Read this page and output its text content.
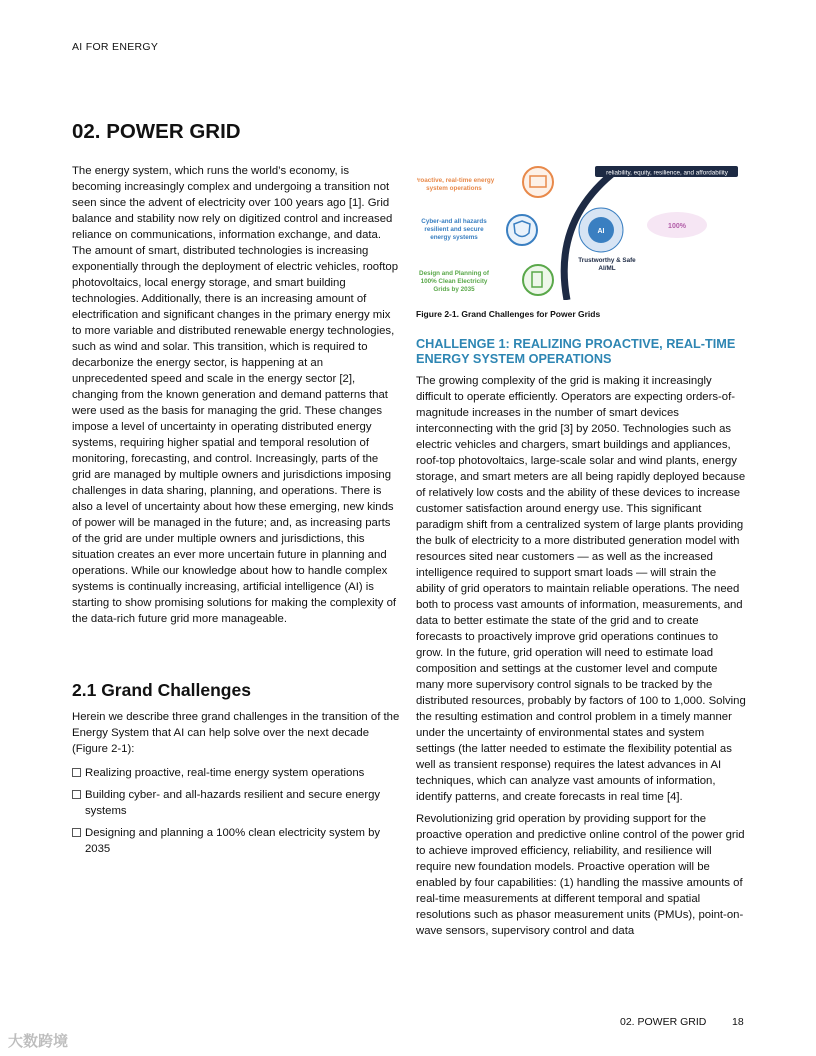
AI FOR ENERGY
02. POWER GRID

The energy system, which runs the world’s economy, is becoming increasingly complex and undergoing a transition not seen since the advent of electricity over 100 years ago [1]. Grid balance and stability now rely on digitized control and increased reliance on communications, information exchange, and data. The amount of smart, distributed technologies is increasing exponentially through the deployment of electric vehicles, rooftop photovoltaics, local energy storage, and smart building technologies. Additionally, there is an increasing amount of electrification and significant changes in the primary energy mix to more variable and distributed renewable energy technologies, such as wind and solar. This transition, which is required to decarbonize the energy sector, is happening at an unprecedented speed and scale in the energy sector [2], changing from the known generation and demand patterns that were used as the basis for managing the grid. These changes impose a level of uncertainty in operating distributed energy systems, requiring higher spatial and temporal resolution of monitoring, forecasting, and control. Increasingly, parts of the grid are managed by multiple owners and jurisdictions imposing challenges in data sharing, planning, and operations. There is also a level of uncertainty about how these emerging, new kinds of power will be managed in the future; and, as increasing parts of the grid are under multiple owners and jurisdictions, this situation creates an ever more uncertain future in planning and operations. While our knowledge about how to handle complex systems is continually increasing, artificial intelligence (AI) is starting to show promising solutions for making the complexity of the data-rich future grid more manageable.

2.1 Grand Challenges

Herein we describe three grand challenges in the transition of the Energy System that AI can help solve over the next decade (Figure 2-1):

Realizing proactive, real-time energy system operations
Building cyber- and all-hazards resilient and secure energy systems
Designing and planning a 100% clean electricity system by 2035
reliability, equity, resilience, and affordability
Proactive, real-time energy
system operations
Cyber-and all hazards
resilient and secure
energy systems
Design and Planning of
100% Clean Electricity
Grids by 2035
AI
Trustworthy & Safe
AI/ML
100%

Figure 2-1. Grand Challenges for Power Grids

CHALLENGE 1: REALIZING PROACTIVE, REAL-TIME ENERGY SYSTEM OPERATIONS

The growing complexity of the grid is making it increasingly difficult to operate efficiently. Operators are expecting orders-of-magnitude increases in the number of smart devices interconnecting with the grid [3] by 2050. Technologies such as electric vehicles and chargers, smart buildings and appliances, roof-top photovoltaics, large-scale solar and wind plants, energy storage, and smart meters are all being rapidly deployed because of relatively low costs and the ability of these devices to increase customer satisfaction around energy use. This significant paradigm shift from a centralized system of large plants providing the bulk of electricity to a more distributed generation model with resources sited near customers — as well as the increased intelligence required to support smart loads — will strain the ability of grid operators to maintain reliable operations. The need both to process vast amounts of information, measurements, and data to better estimate the state of the grid and to create forecasts to proactively improve grid operations continues to grow. In the future, grid operation will need to estimate load composition and settings at the customer level and compute many more supervisory control signals to be tracked by the distributed resources, probably by factors of 100 to 1,000. Solving the resulting estimation and control problem in a timely manner under the uncertainty of environmental states and system settings (the latter needed to estimate the flexibility potential as well as transient response) requires the latest advances in AI techniques, which can analyze vast amounts of information, identify patterns, and create forecasts in real time [4].

Revolutionizing grid operation by providing support for the proactive operation and predictive online control of the power grid to achieve improved efficiency, reliability, and resilience will require new foundation models. Proactive operation will be enabled by four capabilities: (1) handling the massive amounts of real-time measurements at different temporal and spatial resolutions such as phasor measurement units (PMUs), point-on-wave sensors, supervisory control and data

02. POWER GRID 18
大数跨境
